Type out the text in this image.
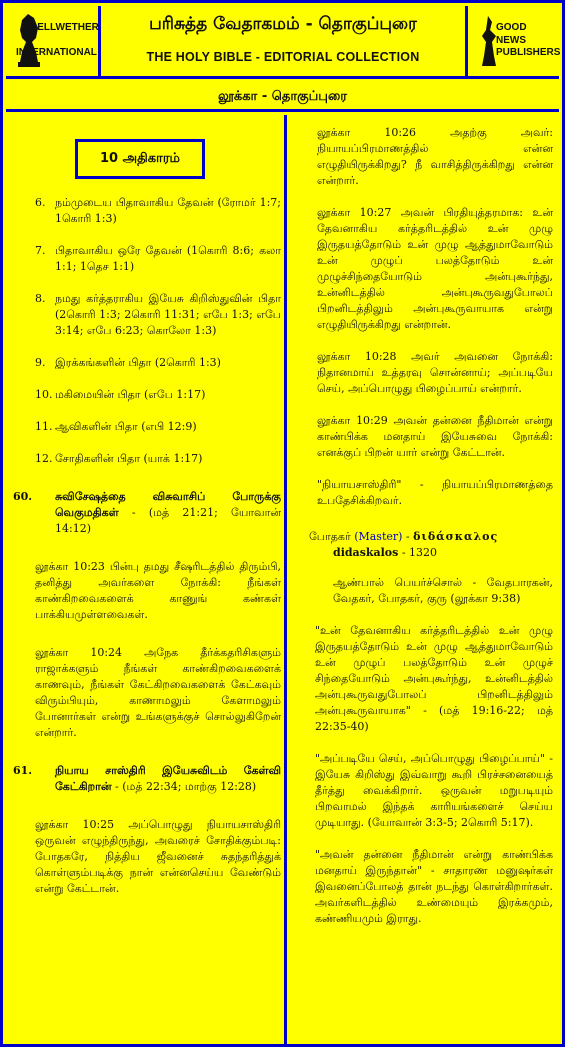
BELLWETHER
INTERNATIONAL
பரிசுத்த வேதாகமம் - தொகுப்புரை
THE HOLY BIBLE - EDITORIAL COLLECTION
GOOD NEWS
PUBLISHERS
லூக்கா - தொகுப்புரை
10 அதிகாரம்
6. நம்முடைய பிதாவாகிய தேவன் (ரோமர் 1:7; 1கொரி 1:3)
7. பிதாவாகிய ஒரே தேவன் (1கொரி 8:6; கலா 1:1; 1தெச 1:1)
8. நமது கர்த்தராகிய இயேசு கிறிஸ்துவின் பிதா (2கொரி 1:3; 2கொரி 11:31; எபே 1:3; எபே 3:14; எபே 6:23; கொலோ 1:3)
9. இரக்கங்களின் பிதா (2கொரி 1:3)
10. மகிமையின் பிதா (எபே 1:17)
11. ஆவிகளின் பிதா (எபி 12:9)
12. சோதிகளின் பிதா (யாக் 1:17)
60. சுவிசேஷத்தை விசுவாசிப் போருக்கு வெகுமதிகள் - (மத் 21:21; யோவான் 14:12)
லூக்கா 10:23 பின்பு தமது சீஷரிடத்தில் திரும்பி, தனித்து அவர்களை நோக்கி: நீங்கள் காண்கிறவைகளைக் காணுங் கண்கள் பாக்கியமுள்ளவைகள்.
லூக்கா 10:24 அநேக தீர்க்கதரிசிகளும் ராஜாக்களும் நீங்கள் காண்கிறவைகளைக் காணவும், நீங்கள் கேட்கிறவைகளைக் கேட்கவும் விரும்பியும், காணாமலும் கேளாமலும் போனார்கள் என்று உங்களுக்குச் சொல்லுகிறேன் என்றார்.
61. நியாய சாஸ்திரி இயேசுவிடம் கேள்வி கேட்கிறான் - (மத் 22:34; மாற்கு 12:28)
லூக்கா 10:25 அப்பொழுது நியாயசாஸ்திரி ஒருவன் எழுந்திருந்து, அவரைச் சோதிக்கும்படி: போதகரே, நித்திய ஜீவனைச் சுதந்தரித்துக் கொள்ளும்படிக்கு நான் என்னசெய்ய வேண்டும் என்று கேட்டான்.
லூக்கா 10:26 அதற்கு அவர்: நியாயப்பிரமாணத்தில் என்ன எழுதியிருக்கிறது? நீ வாசித்திருக்கிறது என்ன என்றார்.
லூக்கா 10:27 அவன் பிரதியுத்தரமாக: உன் தேவனாகிய கர்த்தரிடத்தில் உன் முழு இருதயத்தோடும் உன் முழு ஆத்துமாவோடும் உன் முழுப் பலத்தோடும் உன் முழுச்சிந்தையோடும் அன்புகூர்ந்து, உன்னிடத்தில் அன்புகூருவதுபோலப் பிறனிடத்திலும் அன்புகூருவாயாக என்று எழுதியிருக்கிறது என்றான்.
லூக்கா 10:28 அவர் அவனை நோக்கி: நிதானமாய் உத்தரவு சொன்னாய்; அப்படியே செய், அப்பொழுது பிழைப்பாய் என்றார்.
லூக்கா 10:29 அவன் தன்னை நீதிமான் என்று காண்பிக்க மனதாய் இயேசுவை நோக்கி: எனக்குப் பிறன் யார் என்று கேட்டான்.
"நியாயசாஸ்திரி" - நியாயப்பிரமாணத்தை உபதேசிக்கிறவர்.
போதகர் (Master) - διδάσκαλος
didaskalos - 1320
ஆண்பால் பெயர்ச்சொல் - வேதபாரகன், வேதகர், போதகர், குரு (லூக்கா 9:38)
"உன் தேவனாகிய கர்த்தரிடத்தில் உன் முழு இருதயத்தோடும் உன் முழு ஆத்துமாவோடும் உன் முழுப் பலத்தோடும் உன் முழுச் சிந்தையோடும் அன்புகூர்ந்து, உன்னிடத்தில் அன்புகூருவதுபோலப் பிறனிடத்திலும் அன்புகூருவாயாக" - (மத் 19:16-22; மத் 22:35-40)
"அப்படியே செய், அப்பொழுது பிழைப்பாய்" - இயேசு கிறிஸ்து இவ்வாறு கூறி பிரச்சனையைத் தீர்த்து வைக்கிறார். ஒருவன் மறுபடியும் பிறவாமல் இந்தக் காரியங்களைச் செய்ய முடியாது. (யோவான் 3:3-5; 2கொரி 5:17).
"அவன் தன்னை நீதிமான் என்று காண்பிக்க மனதாய் இருந்தான்" - சாதாரண மனுஷர்கள் இவனைப்போலத் தான் நடந்து கொள்கிறார்கள். அவர்களிடத்தில் உண்மையும் இரக்கமும், கண்ணியமும் இராது.
